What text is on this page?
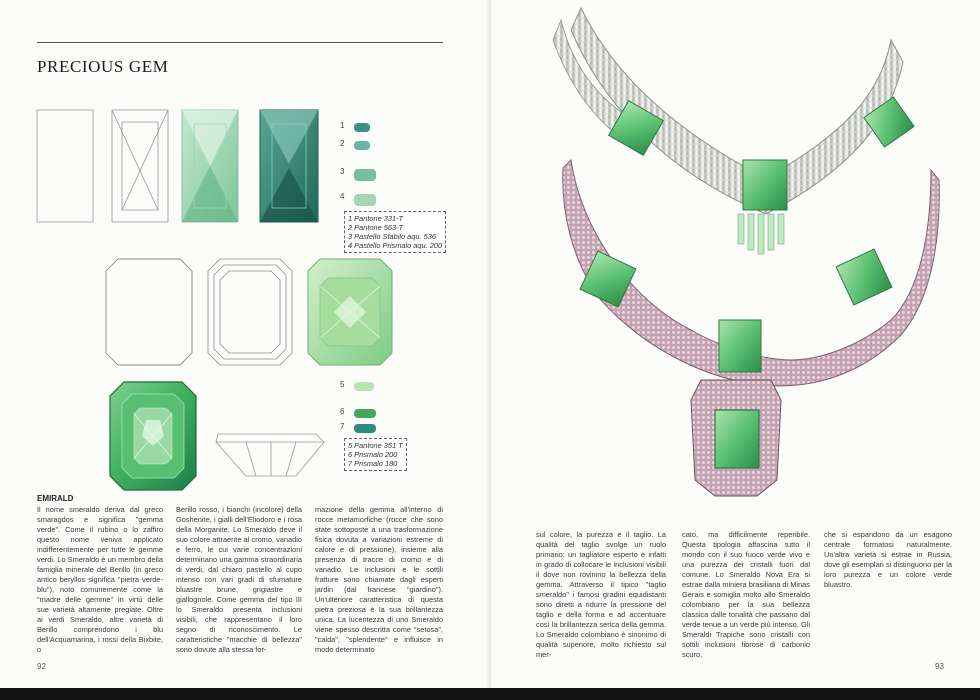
PRECIOUS GEM
1
2
3
4
1 Pantone 331-T
2 Pantone 563-T
3 Pastello Stabilo aqu. 536
4 Pastello Prismalo aqu. 200
5
6
7
5 Pantone 351 T
6 Prismalo 200
7 Prismalo 180
EMIRALD
Il nome smeraldo deriva dal greco smaragdos e significa "gemma verde". Come il rubino o lo zaffiro questo nome veniva applicato indifferentemente per tutte le gemme verdi. Lo Smeraldo è un membro della famiglia minerale del Berillo (in greco antico beryllos significa "pietra verde-blu"), noto comunemente come la "madre delle gemme" in virtù delle sue varietà altamente pregiate. Oltre ai verdi Smeraldo, altre varietà di Berillo comprendono i blu dell'Acquamarina, i rossi della Bixbite, o
Berillo rosso, i bianchi (incolore) della Goshenite, i gialli dell'Eliodoro e i rosa della Morganite. Lo Smeraldo deve il suo colore attraente al cromo, vanadio e ferro, le cui varie concentrazioni determinano una gamma straordinaria di verdi, dal chiaro pastello al cupo intenso con vari gradi di sfumature bluastre brune, grigiastre e giallognole. Come gemma del tipo III lo Smeraldo presenta inclusioni visibili, che rappresentano il loro segno di riconoscimento. Le caratteristiche "macchie di bellezza" sono dovute alla stessa for-
mazione della gemma all'interno di rocce metamorfiche (rocce che sono state sottoposte a una trasformazione fisica dovuta a variazioni estreme di calore e di pressione), insieme alla presenza di tracce di cromo e di vanadio. Le inclusioni e le sottili fratture sono chiamate dagli esperti jardin (dal francese "giardino"). Un'ulteriore caratteristica di questa pietra preziosa è la sua brillantezza unica. La lucentezza di uno Smeraldo viene spesso descritta come "setosa", "calda", "splendente" e influisce in modo determinato
92
sul colore, la purezza e il taglio. La qualità del taglio svolge un ruolo primario: un tagliatore esperto e infatti in grado di collocare le inclusioni visibili il dove non rovinino la bellezza della gemma. Attraverso il tipico "taglio smeraldo" i famosi gradini equidistanti sono diretti a ridurre la pressione del taglio e della forma e ad accentuare così la brillantezza serica della gemma. Lo Smeraldo colombiano è sinonimo di qualità superiore, molto richiesto sul mer-
cato, ma difficilmente reperibile. Questa tipologia affascina tutto il mondo con il suo fuoco verde vivo e una purezza dei cristalli fuori dal comune. Lo Smeraldo Nova Era si estrae dalla miniera brasiliana di Minas Gerais e somiglia molto allo Smeraldo colombiano per la sua bellezza classica dalle tonalità che passano dal verde tenue a un verde più intenso. Gli Smeraldi Trapiche sono cristalli con sottili inclusioni fibrose di carbonio scuro,
che si espandono da un esagono centrale formatosi naturalmente. Un'altra varietà si estrae in Russia, dove gli esemplari si distinguono per la loro purezza e un colore verde bluastro.
93
